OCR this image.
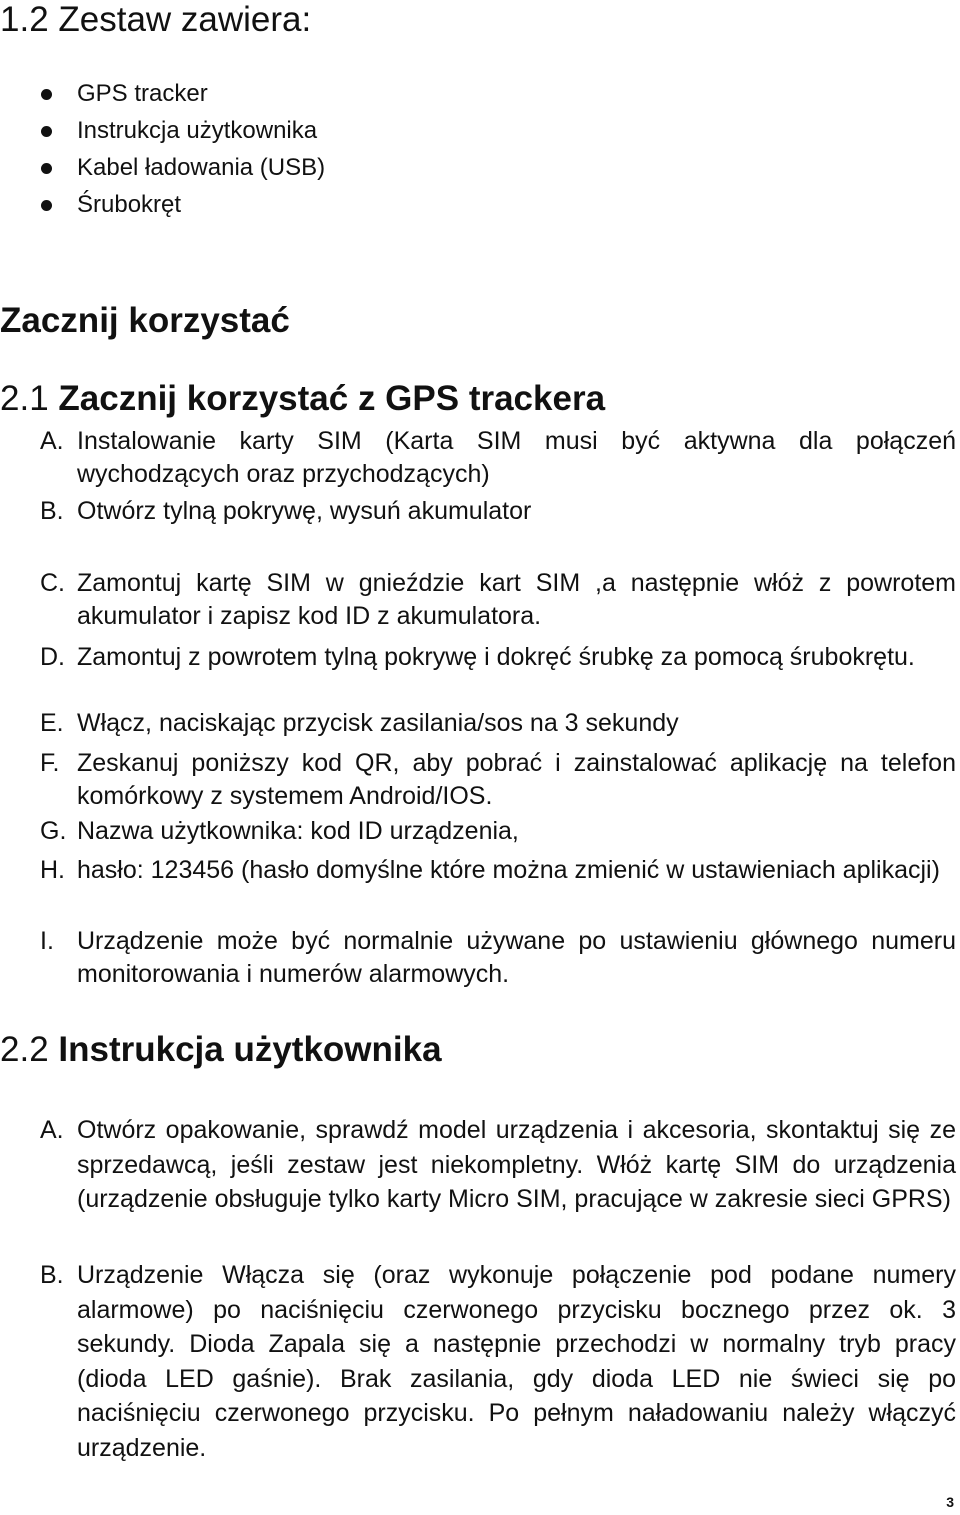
1.2 Zestaw zawiera:
GPS tracker
Instrukcja użytkownika
Kabel ładowania (USB)
Śrubokręt
Zacznij korzystać
2.1 Zacznij korzystać z GPS trackera
A. Instalowanie karty SIM (Karta SIM musi być aktywna dla połączeń wychodzących oraz przychodzących)
B. Otwórz tylną pokrywę, wysuń akumulator
C. Zamontuj kartę SIM w gnieździe kart SIM ,a następnie włóż z powrotem akumulator i zapisz kod ID z akumulatora.
D. Zamontuj z powrotem tylną pokrywę i dokręć śrubkę za pomocą śrubokrętu.
E. Włącz, naciskając przycisk zasilania/sos na 3 sekundy
F. Zeskanuj poniższy kod QR, aby pobrać i zainstalować aplikację na telefon komórkowy z systemem Android/IOS.
G. Nazwa użytkownika: kod ID urządzenia,
H. hasło: 123456 (hasło domyślne które można zmienić w ustawieniach aplikacji)
I. Urządzenie może być normalnie używane po ustawieniu głównego numeru monitorowania i numerów alarmowych.
2.2 Instrukcja użytkownika
A. Otwórz opakowanie, sprawdź model urządzenia i akcesoria, skontaktuj się ze sprzedawcą, jeśli zestaw jest niekompletny. Włóż kartę SIM do urządzenia (urządzenie obsługuje tylko karty Micro SIM, pracujące w zakresie sieci GPRS)
B. Urządzenie Włącza się (oraz wykonuje połączenie pod podane numery alarmowe) po naciśnięciu czerwonego przycisku bocznego przez ok. 3 sekundy. Dioda Zapala się a następnie przechodzi w normalny tryb pracy (dioda LED gaśnie). Brak zasilania, gdy dioda LED nie świeci się po naciśnięciu czerwonego przycisku. Po pełnym naładowaniu należy włączyć urządzenie.
3
